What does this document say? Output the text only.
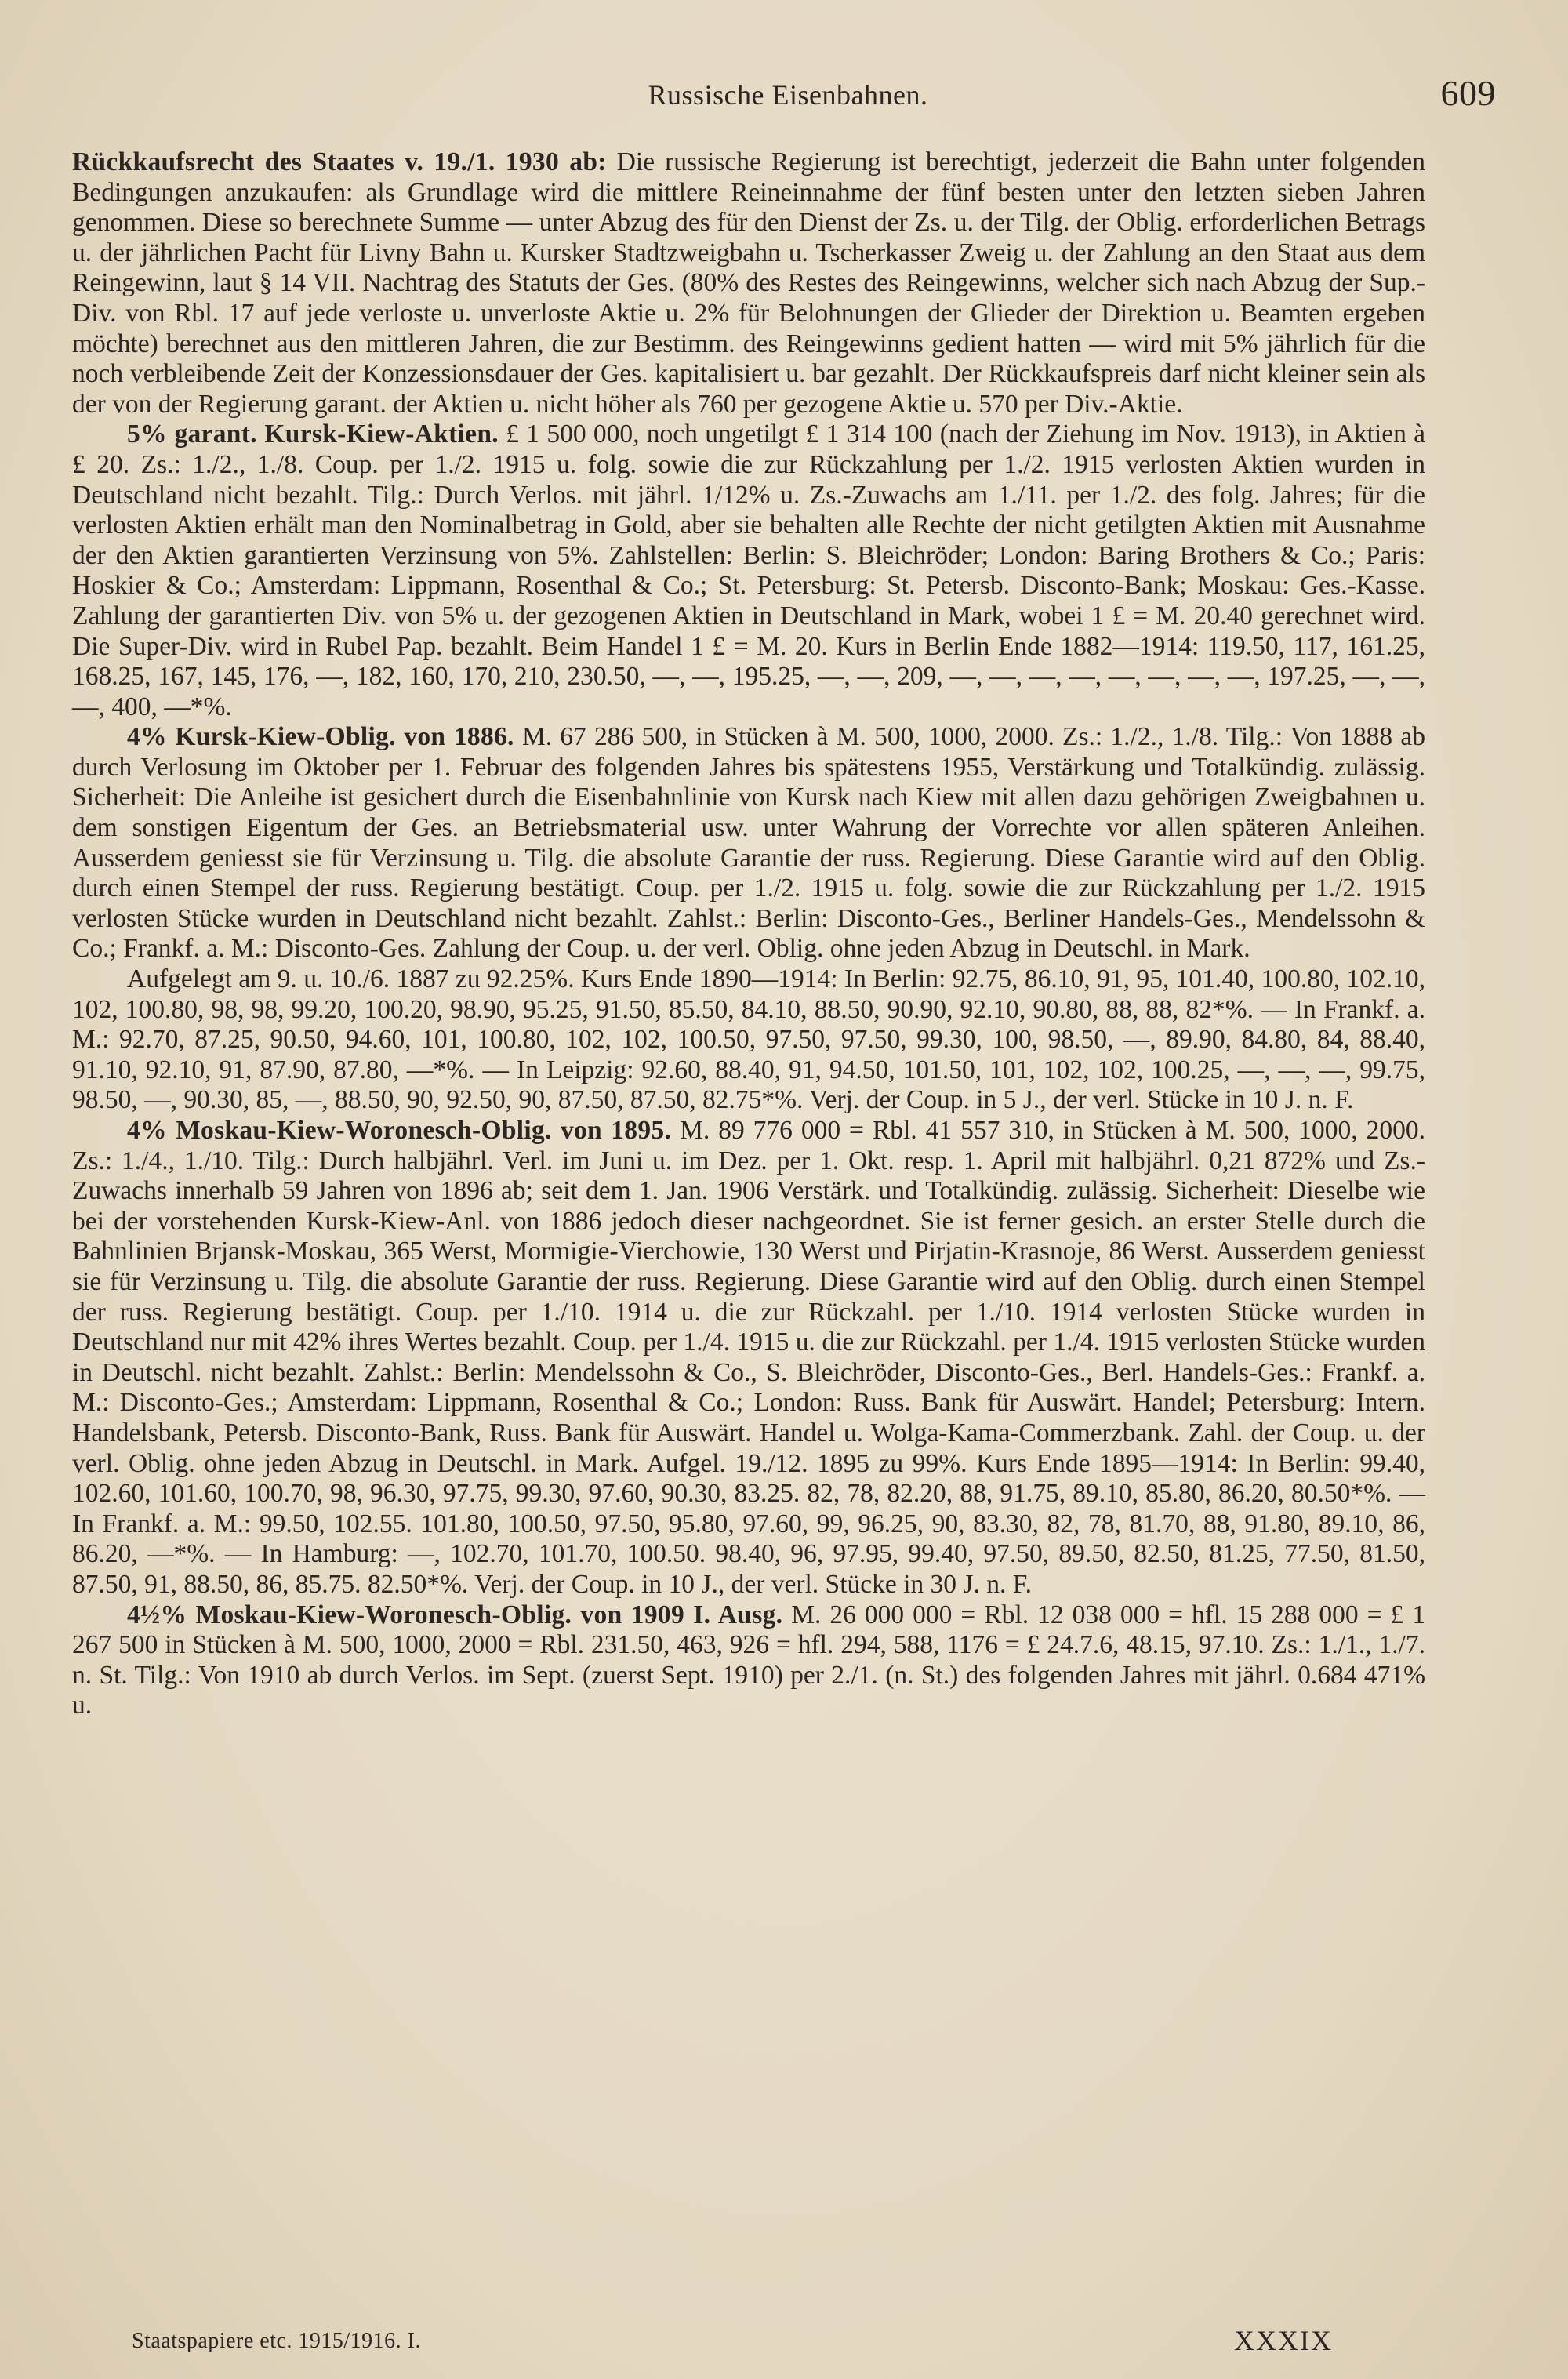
Russische Eisenbahnen.	609

Rückkaufsrecht des Staates v. 19./1. 1930 ab: Die russische Regierung ist berechtigt, jederzeit die Bahn unter folgenden Bedingungen anzukaufen: als Grundlage wird die mittlere Reineinnahme der fünf besten unter den letzten sieben Jahren genommen. Diese so berechnete Summe — unter Abzug des für den Dienst der Zs. u. der Tilg. der Oblig. erforderlichen Betrags u. der jährlichen Pacht für Livny Bahn u. Kursker Stadtzweigbahn u. Tscherkasser Zweig u. der Zahlung an den Staat aus dem Reingewinn, laut § 14 VII. Nachtrag des Statuts der Ges. (80% des Restes des Reingewinns, welcher sich nach Abzug der Sup.-Div. von Rbl. 17 auf jede verloste u. unverloste Aktie u. 2% für Belohnungen der Glieder der Direktion u. Beamten ergeben möchte) berechnet aus den mittleren Jahren, die zur Bestimm. des Reingewinns gedient hatten — wird mit 5% jährlich für die noch verbleibende Zeit der Konzessionsdauer der Ges. kapitalisiert u. bar gezahlt. Der Rückkaufspreis darf nicht kleiner sein als der von der Regierung garant. der Aktien u. nicht höher als 760 per gezogene Aktie u. 570 per Div.-Aktie.

5% garant. Kursk-Kiew-Aktien. £ 1 500 000, noch ungetilgt £ 1 314 100 (nach der Ziehung im Nov. 1913), in Aktien à £ 20. Zs.: 1./2., 1./8. Coup. per 1./2. 1915 u. folg. sowie die zur Rückzahlung per 1./2. 1915 verlosten Aktien wurden in Deutschland nicht bezahlt. Tilg.: Durch Verlos. mit jährl. 1/12% u. Zs.-Zuwachs am 1./11. per 1./2. des folg. Jahres; für die verlosten Aktien erhält man den Nominalbetrag in Gold, aber sie behalten alle Rechte der nicht getilgten Aktien mit Ausnahme der den Aktien garantierten Verzinsung von 5%. Zahlstellen: Berlin: S. Bleichröder; London: Baring Brothers & Co.; Paris: Hoskier & Co.; Amsterdam: Lippmann, Rosenthal & Co.; St. Petersburg: St. Petersb. Disconto-Bank; Moskau: Ges.-Kasse. Zahlung der garantierten Div. von 5% u. der gezogenen Aktien in Deutschland in Mark, wobei 1 £ = M. 20.40 gerechnet wird. Die Super-Div. wird in Rubel Pap. bezahlt. Beim Handel 1 £ = M. 20. Kurs in Berlin Ende 1882—1914: 119.50, 117, 161.25, 168.25, 167, 145, 176, —, 182, 160, 170, 210, 230.50, —, —, 195.25, —, —, 209, —, —, —, —, —, —, —, —, 197.25, —, —, —, 400, —*%.

4% Kursk-Kiew-Oblig. von 1886. M. 67 286 500, in Stücken à M. 500, 1000, 2000. Zs.: 1./2., 1./8. Tilg.: Von 1888 ab durch Verlosung im Oktober per 1. Februar des folgenden Jahres bis spätestens 1955, Verstärkung und Totalkündig. zulässig. Sicherheit: Die Anleihe ist gesichert durch die Eisenbahnlinie von Kursk nach Kiew mit allen dazu gehörigen Zweigbahnen u. dem sonstigen Eigentum der Ges. an Betriebsmaterial usw. unter Wahrung der Vorrechte vor allen späteren Anleihen. Ausserdem geniesst sie für Verzinsung u. Tilg. die absolute Garantie der russ. Regierung. Diese Garantie wird auf den Oblig. durch einen Stempel der russ. Regierung bestätigt. Coup. per 1./2. 1915 u. folg. sowie die zur Rückzahlung per 1./2. 1915 verlosten Stücke wurden in Deutschland nicht bezahlt. Zahlst.: Berlin: Disconto-Ges., Berliner Handels-Ges., Mendelssohn & Co.; Frankf. a. M.: Disconto-Ges. Zahlung der Coup. u. der verl. Oblig. ohne jeden Abzug in Deutschl. in Mark.

Aufgelegt am 9. u. 10./6. 1887 zu 92.25%. Kurs Ende 1890—1914: In Berlin: 92.75, 86.10, 91, 95, 101.40, 100.80, 102.10, 102, 100.80, 98, 98, 99.20, 100.20, 98.90, 95.25, 91.50, 85.50, 84.10, 88.50, 90.90, 92.10, 90.80, 88, 88, 82*%. — In Frankf. a. M.: 92.70, 87.25, 90.50, 94.60, 101, 100.80, 102, 102, 100.50, 97.50, 97.50, 99.30, 100, 98.50, —, 89.90, 84.80, 84, 88.40, 91.10, 92.10, 91, 87.90, 87.80, —*%. — In Leipzig: 92.60, 88.40, 91, 94.50, 101.50, 101, 102, 102, 100.25, —, —, —, 99.75, 98.50, —, 90.30, 85, —, 88.50, 90, 92.50, 90, 87.50, 87.50, 82.75*%. Verj. der Coup. in 5 J., der verl. Stücke in 10 J. n. F.

4% Moskau-Kiew-Woronesch-Oblig. von 1895. M. 89 776 000 = Rbl. 41 557 310, in Stücken à M. 500, 1000, 2000. Zs.: 1./4., 1./10. Tilg.: Durch halbjährl. Verl. im Juni u. im Dez. per 1. Okt. resp. 1. April mit halbjährl. 0,21 872% und Zs.-Zuwachs innerhalb 59 Jahren von 1896 ab; seit dem 1. Jan. 1906 Verstärk. und Totalkündig. zulässig. Sicherheit: Dieselbe wie bei der vorstehenden Kursk-Kiew-Anl. von 1886 jedoch dieser nachgeordnet. Sie ist ferner gesich. an erster Stelle durch die Bahnlinien Brjansk-Moskau, 365 Werst, Mormigie-Vierchowie, 130 Werst und Pirjatin-Krasnoje, 86 Werst. Ausserdem geniesst sie für Verzinsung u. Tilg. die absolute Garantie der russ. Regierung. Diese Garantie wird auf den Oblig. durch einen Stempel der russ. Regierung bestätigt. Coup. per 1./10. 1914 u. die zur Rückzahl. per 1./10. 1914 verlosten Stücke wurden in Deutschland nur mit 42% ihres Wertes bezahlt. Coup. per 1./4. 1915 u. die zur Rückzahl. per 1./4. 1915 verlosten Stücke wurden in Deutschl. nicht bezahlt. Zahlst.: Berlin: Mendelssohn & Co., S. Bleichröder, Disconto-Ges., Berl. Handels-Ges.: Frankf. a. M.: Disconto-Ges.; Amsterdam: Lippmann, Rosenthal & Co.; London: Russ. Bank für Auswärt. Handel; Petersburg: Intern. Handelsbank, Petersb. Disconto-Bank, Russ. Bank für Auswärt. Handel u. Wolga-Kama-Commerzbank. Zahl. der Coup. u. der verl. Oblig. ohne jeden Abzug in Deutschl. in Mark. Aufgel. 19./12. 1895 zu 99%. Kurs Ende 1895—1914: In Berlin: 99.40, 102.60, 101.60, 100.70, 98, 96.30, 97.75, 99.30, 97.60, 90.30, 83.25. 82, 78, 82.20, 88, 91.75, 89.10, 85.80, 86.20, 80.50*%. — In Frankf. a. M.: 99.50, 102.55. 101.80, 100.50, 97.50, 95.80, 97.60, 99, 96.25, 90, 83.30, 82, 78, 81.70, 88, 91.80, 89.10, 86, 86.20, —*%. — In Hamburg: —, 102.70, 101.70, 100.50. 98.40, 96, 97.95, 99.40, 97.50, 89.50, 82.50, 81.25, 77.50, 81.50, 87.50, 91, 88.50, 86, 85.75. 82.50*%. Verj. der Coup. in 10 J., der verl. Stücke in 30 J. n. F.

4½% Moskau-Kiew-Woronesch-Oblig. von 1909 I. Ausg. M. 26 000 000 = Rbl. 12 038 000 = hfl. 15 288 000 = £ 1 267 500 in Stücken à M. 500, 1000, 2000 = Rbl. 231.50, 463, 926 = hfl. 294, 588, 1176 = £ 24.7.6, 48.15, 97.10. Zs.: 1./1., 1./7. n. St. Tilg.: Von 1910 ab durch Verlos. im Sept. (zuerst Sept. 1910) per 2./1. (n. St.) des folgenden Jahres mit jährl. 0.684 471% u.

Staatspapiere etc. 1915/1916. I.	XXXIX
